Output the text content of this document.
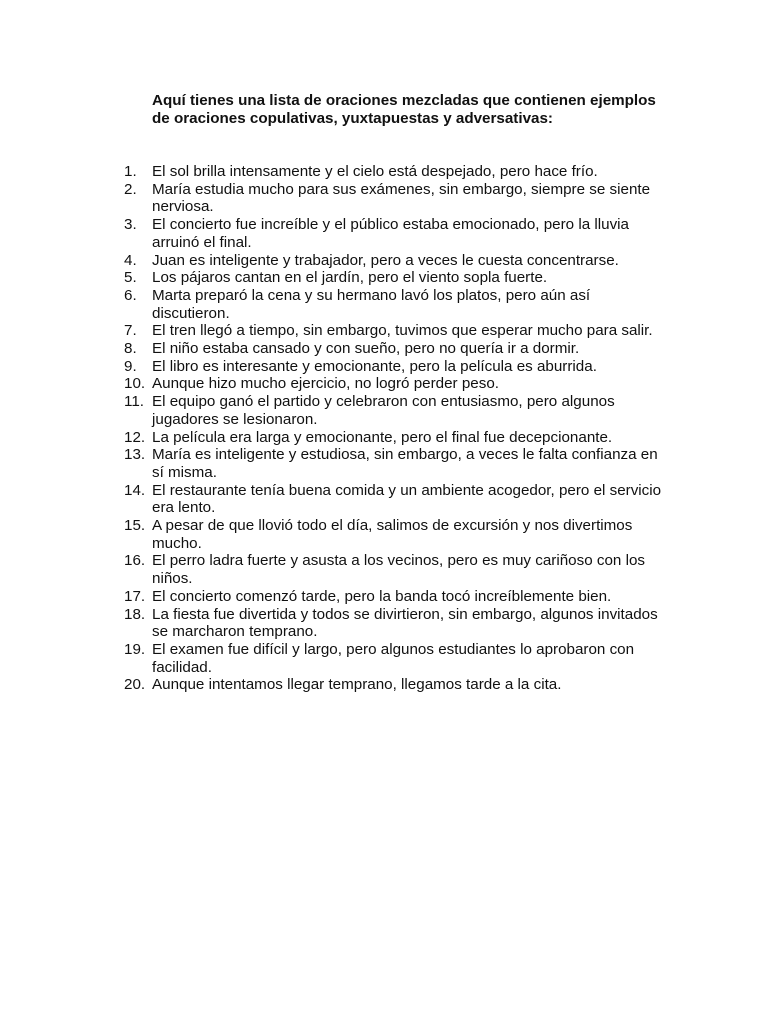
Aquí tienes una lista de oraciones mezcladas que contienen ejemplos
de oraciones copulativas, yuxtapuestas y adversativas:
1.	El sol brilla intensamente y el cielo está despejado, pero hace frío.
2.	María estudia mucho para sus exámenes, sin embargo, siempre se siente
nerviosa.
3.	El concierto fue increíble y el público estaba emocionado, pero la lluvia
arruinó el final.
4.	Juan es inteligente y trabajador, pero a veces le cuesta concentrarse.
5.	Los pájaros cantan en el jardín, pero el viento sopla fuerte.
6.	Marta preparó la cena y su hermano lavó los platos, pero aún así
discutieron.
7.	El tren llegó a tiempo, sin embargo, tuvimos que esperar mucho para salir.
8.	El niño estaba cansado y con sueño, pero no quería ir a dormir.
9.	El libro es interesante y emocionante, pero la película es aburrida.
10. Aunque hizo mucho ejercicio, no logró perder peso.
11. El equipo ganó el partido y celebraron con entusiasmo, pero algunos
jugadores se lesionaron.
12. La película era larga y emocionante, pero el final fue decepcionante.
13. María es inteligente y estudiosa, sin embargo, a veces le falta confianza en
sí misma.
14. El restaurante tenía buena comida y un ambiente acogedor, pero el servicio
era lento.
15. A pesar de que llovió todo el día, salimos de excursión y nos divertimos
mucho.
16. El perro ladra fuerte y asusta a los vecinos, pero es muy cariñoso con los
niños.
17. El concierto comenzó tarde, pero la banda tocó increíblemente bien.
18. La fiesta fue divertida y todos se divirtieron, sin embargo, algunos invitados
se marcharon temprano.
19. El examen fue difícil y largo, pero algunos estudiantes lo aprobaron con
facilidad.
20. Aunque intentamos llegar temprano, llegamos tarde a la cita.
